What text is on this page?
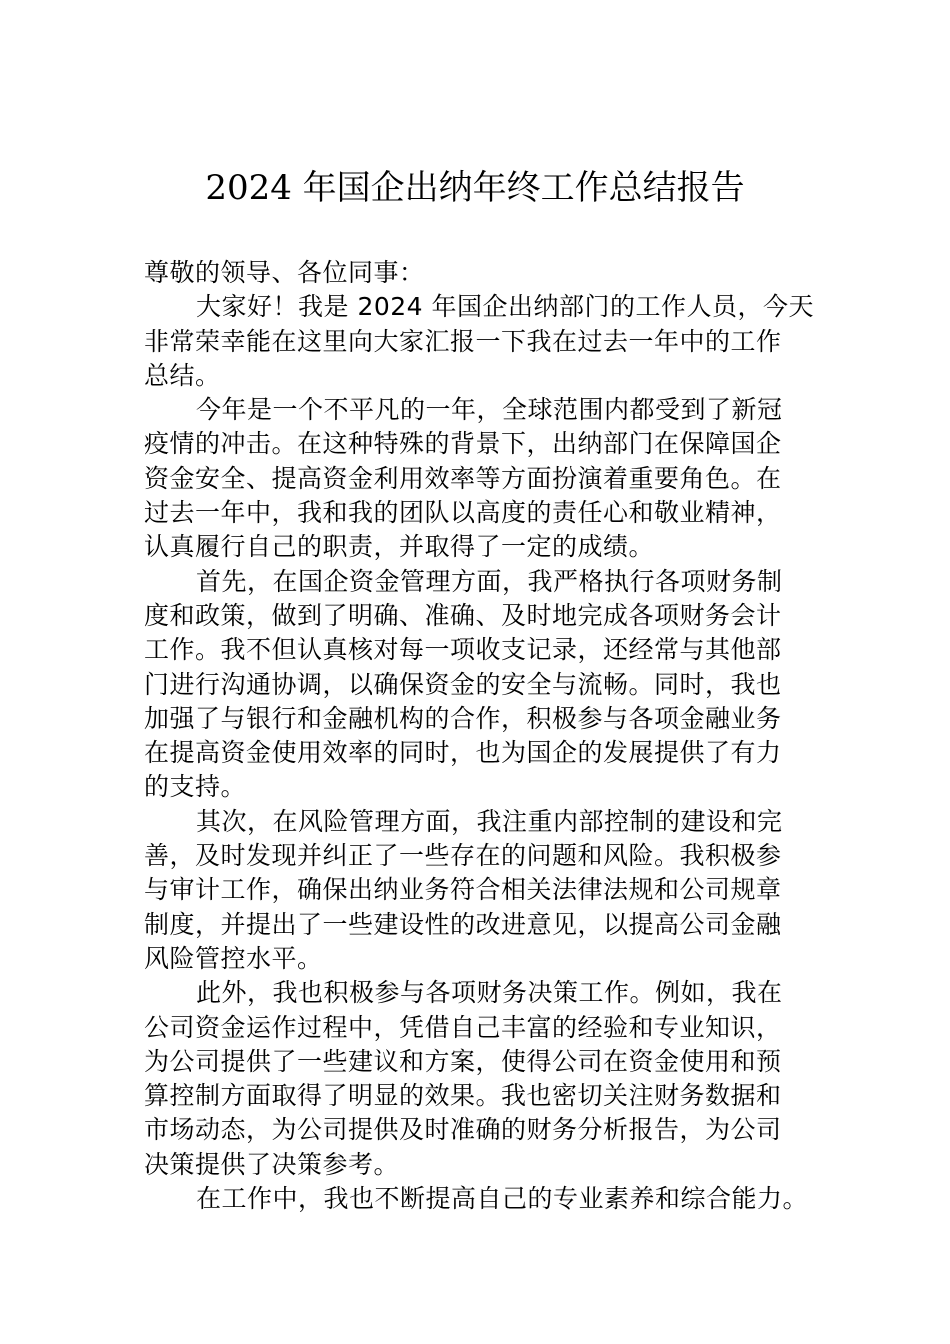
2024 年国企出纳年终工作总结报告
尊敬的领导、各位同事：
大家好！我是 2024 年国企出纳部门的工作人员，今天
非常荣幸能在这里向大家汇报一下我在过去一年中的工作
总结。
今年是一个不平凡的一年，全球范围内都受到了新冠
疫情的冲击。在这种特殊的背景下，出纳部门在保障国企
资金安全、提高资金利用效率等方面扮演着重要角色。在
过去一年中，我和我的团队以高度的责任心和敬业精神，
认真履行自己的职责，并取得了一定的成绩。
首先，在国企资金管理方面，我严格执行各项财务制
度和政策，做到了明确、准确、及时地完成各项财务会计
工作。我不但认真核对每一项收支记录，还经常与其他部
门进行沟通协调，以确保资金的安全与流畅。同时，我也
加强了与银行和金融机构的合作，积极参与各项金融业务
在提高资金使用效率的同时，也为国企的发展提供了有力
的支持。
其次，在风险管理方面，我注重内部控制的建设和完
善，及时发现并纠正了一些存在的问题和风险。我积极参
与审计工作，确保出纳业务符合相关法律法规和公司规章
制度，并提出了一些建设性的改进意见，以提高公司金融
风险管控水平。
此外，我也积极参与各项财务决策工作。例如，我在
公司资金运作过程中，凭借自己丰富的经验和专业知识，
为公司提供了一些建议和方案，使得公司在资金使用和预
算控制方面取得了明显的效果。我也密切关注财务数据和
市场动态，为公司提供及时准确的财务分析报告，为公司
决策提供了决策参考。
在工作中，我也不断提高自己的专业素养和综合能力。
